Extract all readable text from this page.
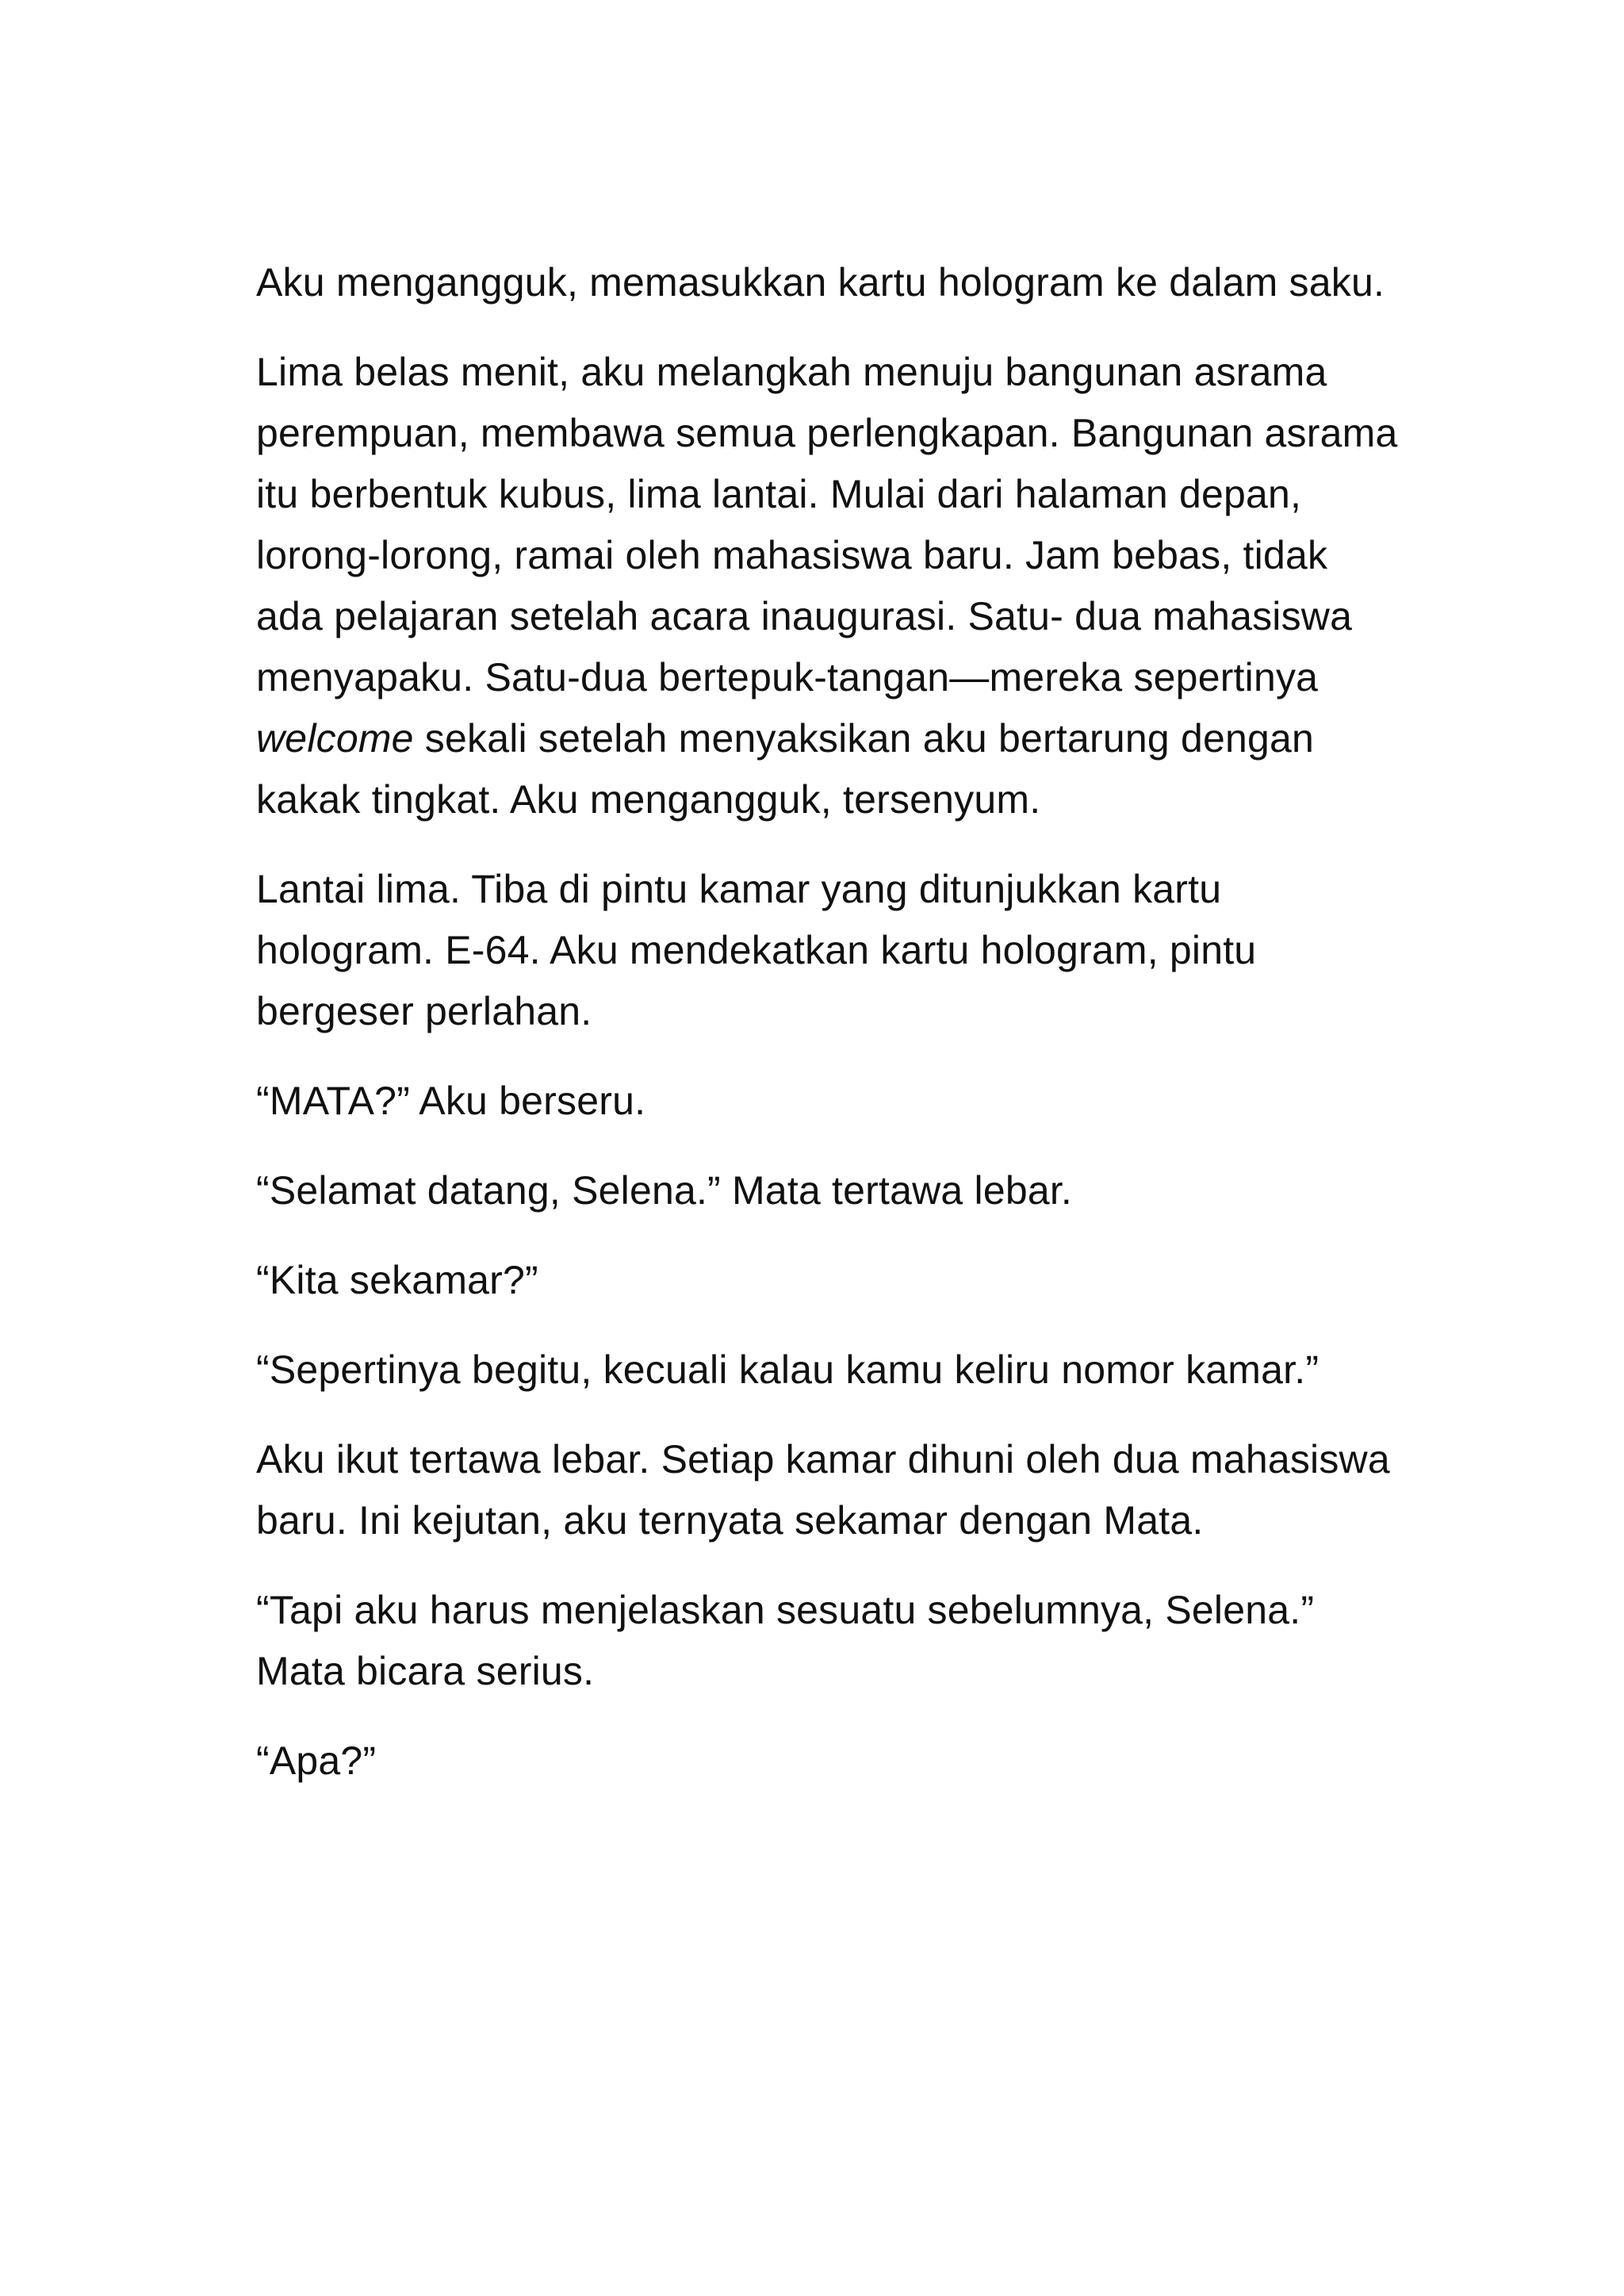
Aku mengangguk, memasukkan kartu hologram ke dalam saku.

Lima belas menit, aku melangkah menuju bangunan asrama perempuan, membawa semua perlengkapan. Bangunan asrama itu berbentuk kubus, lima lantai. Mulai dari halaman depan, lorong-lorong, ramai oleh mahasiswa baru. Jam bebas, tidak ada pelajaran setelah acara inaugurasi. Satu- dua mahasiswa menyapaku. Satu-dua bertepuk-tangan—mereka sepertinya welcome sekali setelah menyaksikan aku bertarung dengan kakak tingkat. Aku mengangguk, tersenyum.

Lantai lima. Tiba di pintu kamar yang ditunjukkan kartu hologram. E-64. Aku mendekatkan kartu hologram, pintu bergeser perlahan.

“MATA?” Aku berseru.

“Selamat datang, Selena.” Mata tertawa lebar.

“Kita sekamar?”

“Sepertinya begitu, kecuali kalau kamu keliru nomor kamar.”

Aku ikut tertawa lebar. Setiap kamar dihuni oleh dua mahasiswa baru. Ini kejutan, aku ternyata sekamar dengan Mata.

“Tapi aku harus menjelaskan sesuatu sebelumnya, Selena.” Mata bicara serius.

“Apa?”
